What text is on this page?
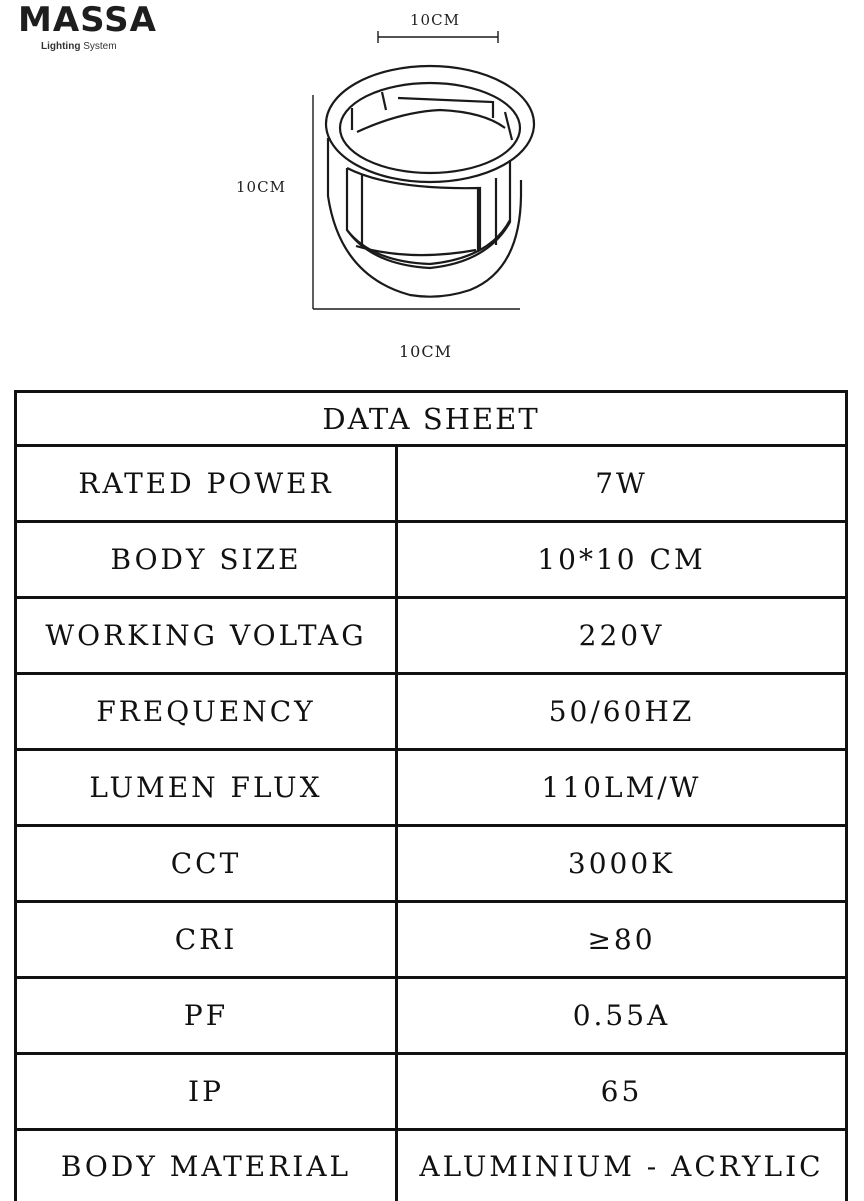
MASSA
Lighting System
10CM
10CM
10CM
DATA SHEET
RATED POWER	7W
BODY SIZE	10*10 CM
WORKING VOLTAG	220V
FREQUENCY	50/60HZ
LUMEN FLUX	110LM/W
CCT	3000K
CRI	≥80
PF	0.55A
IP	65
BODY MATERIAL	ALUMINIUM - ACRYLIC
